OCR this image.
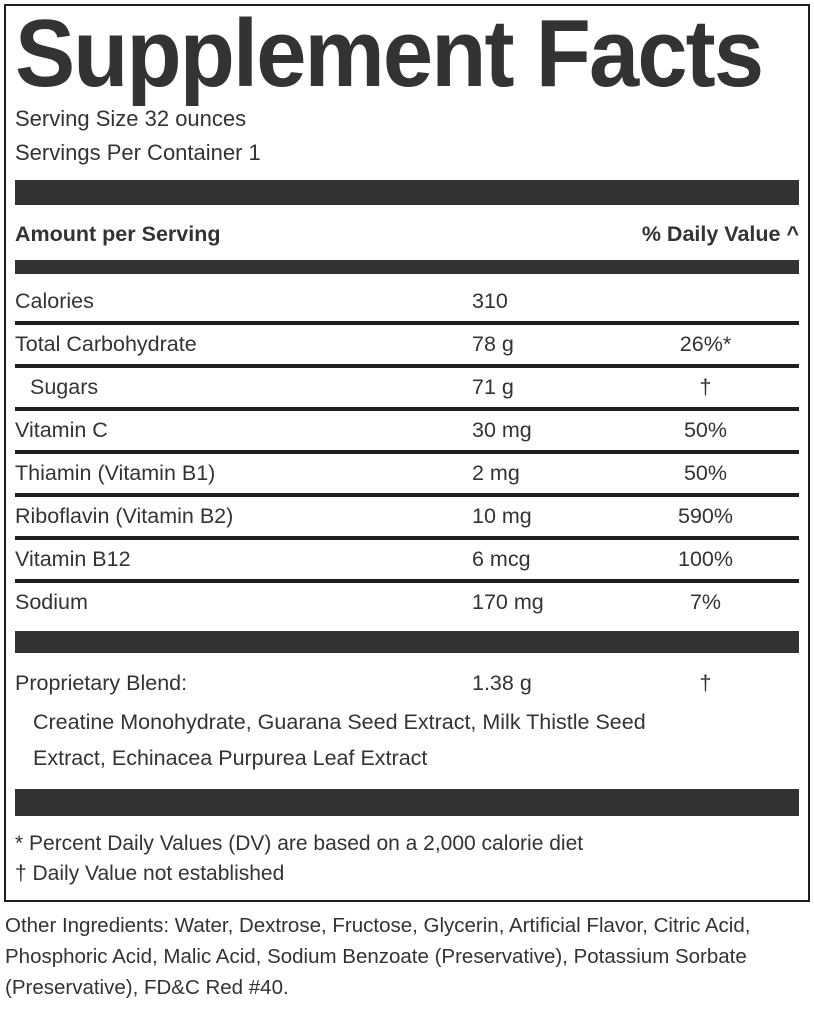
Supplement Facts
Serving Size 32 ounces
Servings Per Container 1
Amount per Serving	% Daily Value ^
Calories	310
Total Carbohydrate	78 g	26%*
Sugars	71 g	†
Vitamin C	30 mg	50%
Thiamin (Vitamin B1)	2 mg	50%
Riboflavin (Vitamin B2)	10 mg	590%
Vitamin B12	6 mcg	100%
Sodium	170 mg	7%
Proprietary Blend:	1.38 g	†
Creatine Monohydrate, Guarana Seed Extract, Milk Thistle Seed Extract, Echinacea Purpurea Leaf Extract
* Percent Daily Values (DV) are based on a 2,000 calorie diet
† Daily Value not established

Other Ingredients: Water, Dextrose, Fructose, Glycerin, Artificial Flavor, Citric Acid, Phosphoric Acid, Malic Acid, Sodium Benzoate (Preservative), Potassium Sorbate (Preservative), FD&C Red #40.
